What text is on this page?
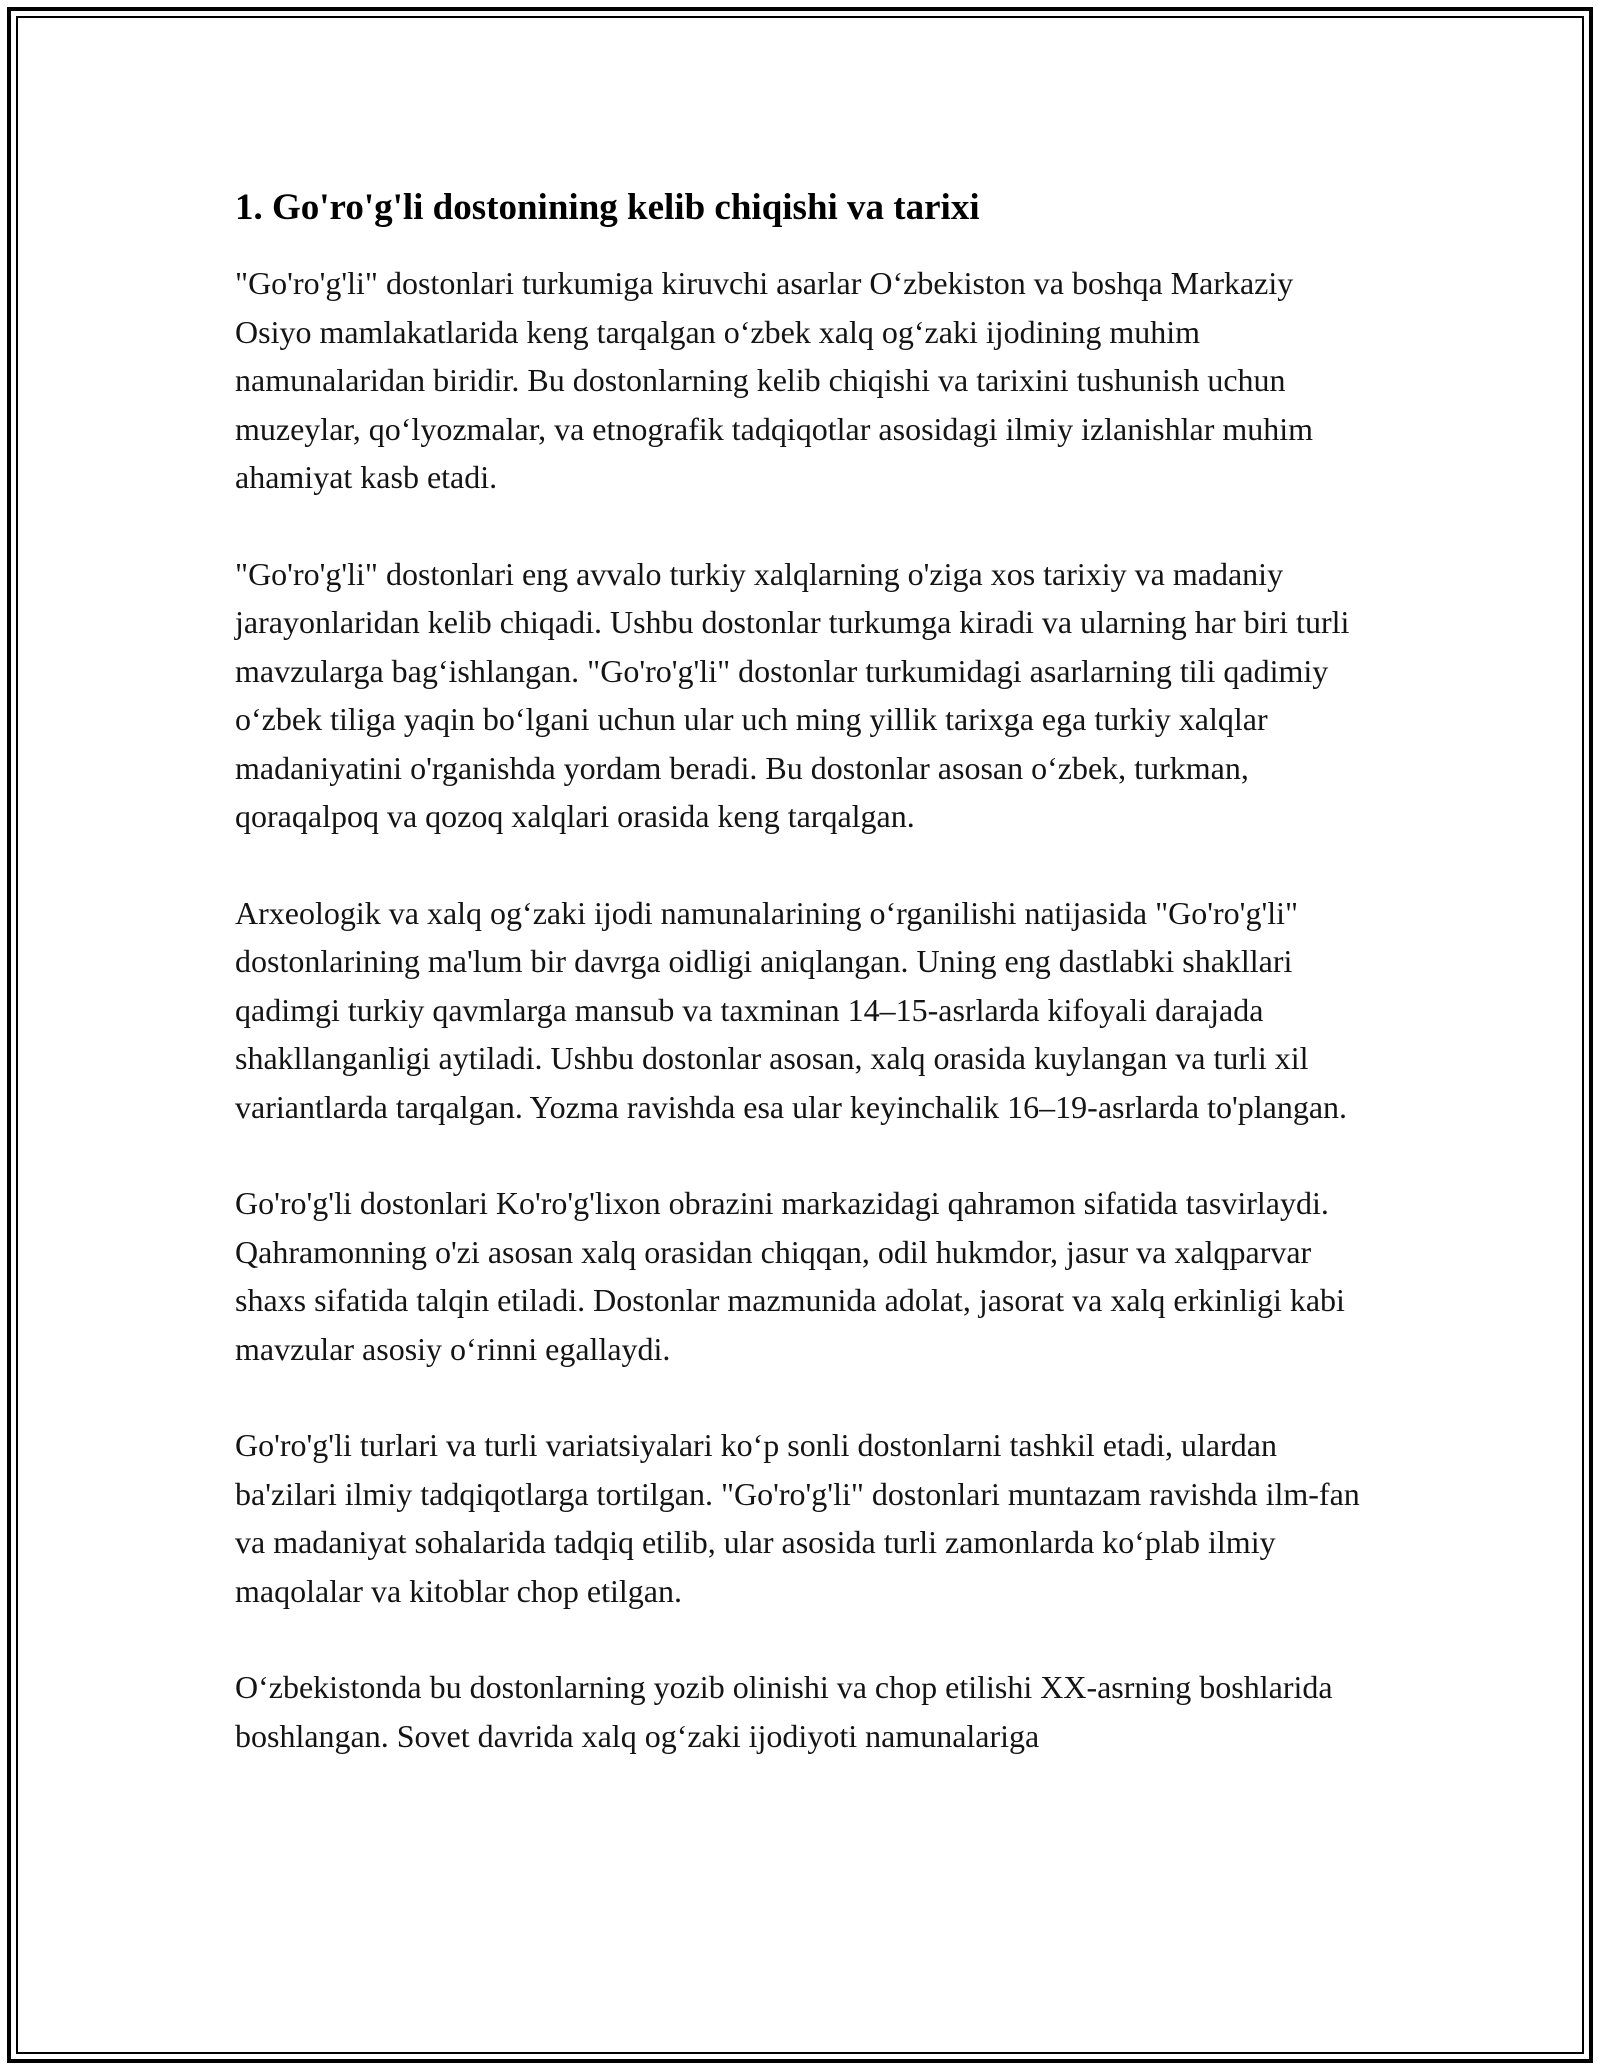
1. Go'ro'g'li dostonining kelib chiqishi va tarixi

"Go'ro'g'li" dostonlari turkumiga kiruvchi asarlar O‘zbekiston va boshqa Markaziy Osiyo mamlakatlarida keng tarqalgan o‘zbek xalq og‘zaki ijodining muhim namunalaridan biridir. Bu dostonlarning kelib chiqishi va tarixini tushunish uchun muzeylar, qo‘lyozmalar, va etnografik tadqiqotlar asosidagi ilmiy izlanishlar muhim ahamiyat kasb etadi.

"Go'ro'g'li" dostonlari eng avvalo turkiy xalqlarning o'ziga xos tarixiy va madaniy jarayonlaridan kelib chiqadi. Ushbu dostonlar turkumga kiradi va ularning har biri turli mavzularga bag‘ishlangan. "Go'ro'g'li" dostonlar turkumidagi asarlarning tili qadimiy o‘zbek tiliga yaqin bo‘lgani uchun ular uch ming yillik tarixga ega turkiy xalqlar madaniyatini o'rganishda yordam beradi. Bu dostonlar asosan o‘zbek, turkman, qoraqalpoq va qozoq xalqlari orasida keng tarqalgan.

Arxeologik va xalq og‘zaki ijodi namunalarining o‘rganilishi natijasida "Go'ro'g'li" dostonlarining ma'lum bir davrga oidligi aniqlangan. Uning eng dastlabki shakllari qadimgi turkiy qavmlarga mansub va taxminan 14–15-asrlarda kifoyali darajada shakllanganligi aytiladi. Ushbu dostonlar asosan, xalq orasida kuylangan va turli xil variantlarda tarqalgan. Yozma ravishda esa ular keyinchalik 16–19-asrlarda to'plangan.

Go'ro'g'li dostonlari Ko'ro'g'lixon obrazini markazidagi qahramon sifatida tasvirlaydi. Qahramonning o'zi asosan xalq orasidan chiqqan, odil hukmdor, jasur va xalqparvar shaxs sifatida talqin etiladi. Dostonlar mazmunida adolat, jasorat va xalq erkinligi kabi mavzular asosiy o‘rinni egallaydi.

Go'ro'g'li turlari va turli variatsiyalari ko‘p sonli dostonlarni tashkil etadi, ulardan ba'zilari ilmiy tadqiqotlarga tortilgan. "Go'ro'g'li" dostonlari muntazam ravishda ilm-fan va madaniyat sohalarida tadqiq etilib, ular asosida turli zamonlarda ko‘plab ilmiy maqolalar va kitoblar chop etilgan.

O‘zbekistonda bu dostonlarning yozib olinishi va chop etilishi XX-asrning boshlarida boshlangan. Sovet davrida xalq og‘zaki ijodiyoti namunalariga
